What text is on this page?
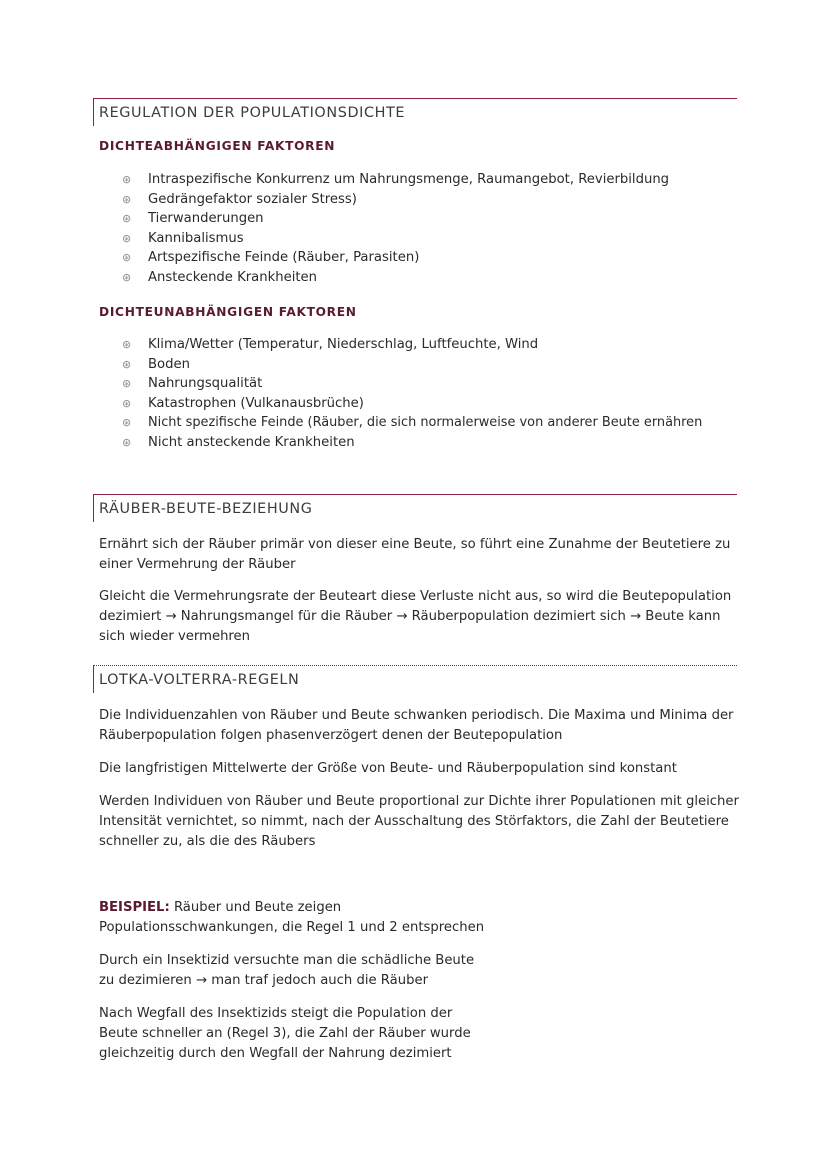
REGULATION DER POPULATIONSDICHTE
DICHTEABHÄNGIGEN FAKTOREN
⊛ Intraspezifische Konkurrenz um Nahrungsmenge, Raumangebot, Revierbildung
⊛ Gedrängefaktor sozialer Stress)
⊛ Tierwanderungen
⊛ Kannibalismus
⊛ Artspezifische Feinde (Räuber, Parasiten)
⊛ Ansteckende Krankheiten
DICHTEUNABHÄNGIGEN FAKTOREN
⊛ Klima/Wetter (Temperatur, Niederschlag, Luftfeuchte, Wind
⊛ Boden
⊛ Nahrungsqualität
⊛ Katastrophen (Vulkanausbrüche)
⊛ Nicht spezifische Feinde (Räuber, die sich normalerweise von anderer Beute ernähren
⊛ Nicht ansteckende Krankheiten
RÄUBER-BEUTE-BEZIEHUNG

Ernährt sich der Räuber primär von dieser eine Beute, so führt eine Zunahme der Beutetiere zu einer Vermehrung der Räuber

Gleicht die Vermehrungsrate der Beuteart diese Verluste nicht aus, so wird die Beutepopulation dezimiert → Nahrungsmangel für die Räuber → Räuberpopulation dezimiert sich → Beute kann sich wieder vermehren

LOTKA-VOLTERRA-REGELN

Die Individuenzahlen von Räuber und Beute schwanken periodisch. Die Maxima und Minima der Räuberpopulation folgen phasenverzögert denen der Beutepopulation

Die langfristigen Mittelwerte der Größe von Beute- und Räuberpopulation sind konstant

Werden Individuen von Räuber und Beute proportional zur Dichte ihrer Populationen mit gleicher Intensität vernichtet, so nimmt, nach der Ausschaltung des Störfaktors, die Zahl der Beutetiere schneller zu, als die des Räubers

BEISPIEL: Räuber und Beute zeigen Populationsschwankungen, die Regel 1 und 2 entsprechen

Durch ein Insektizid versuchte man die schädliche Beute zu dezimieren → man traf jedoch auch die Räuber

Nach Wegfall des Insektizids steigt die Population der Beute schneller an (Regel 3), die Zahl der Räuber wurde gleichzeitig durch den Wegfall der Nahrung dezimiert
